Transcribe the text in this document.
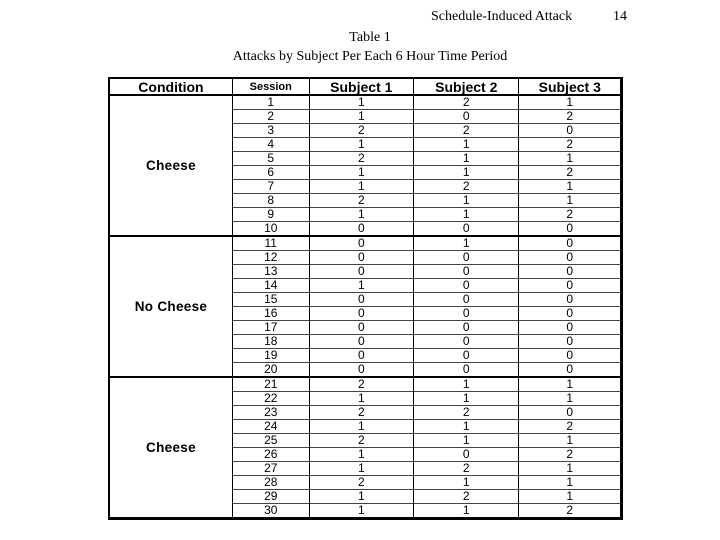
Schedule-Induced Attack	14
Table 1
Attacks by Subject Per Each 6 Hour Time Period
Condition	Session	Subject 1	Subject 2	Subject 3
Cheese	1	1	2	1
	2	1	0	2
	3	2	2	0
	4	1	1	2
	5	2	1	1
	6	1	1	2
	7	1	2	1
	8	2	1	1
	9	1	1	2
	10	0	0	0
No Cheese	11	0	1	0
	12	0	0	0
	13	0	0	0
	14	1	0	0
	15	0	0	0
	16	0	0	0
	17	0	0	0
	18	0	0	0
	19	0	0	0
	20	0	0	0
Cheese	21	2	1	1
	22	1	1	1
	23	2	2	0
	24	1	1	2
	25	2	1	1
	26	1	0	2
	27	1	2	1
	28	2	1	1
	29	1	2	1
	30	1	1	2
